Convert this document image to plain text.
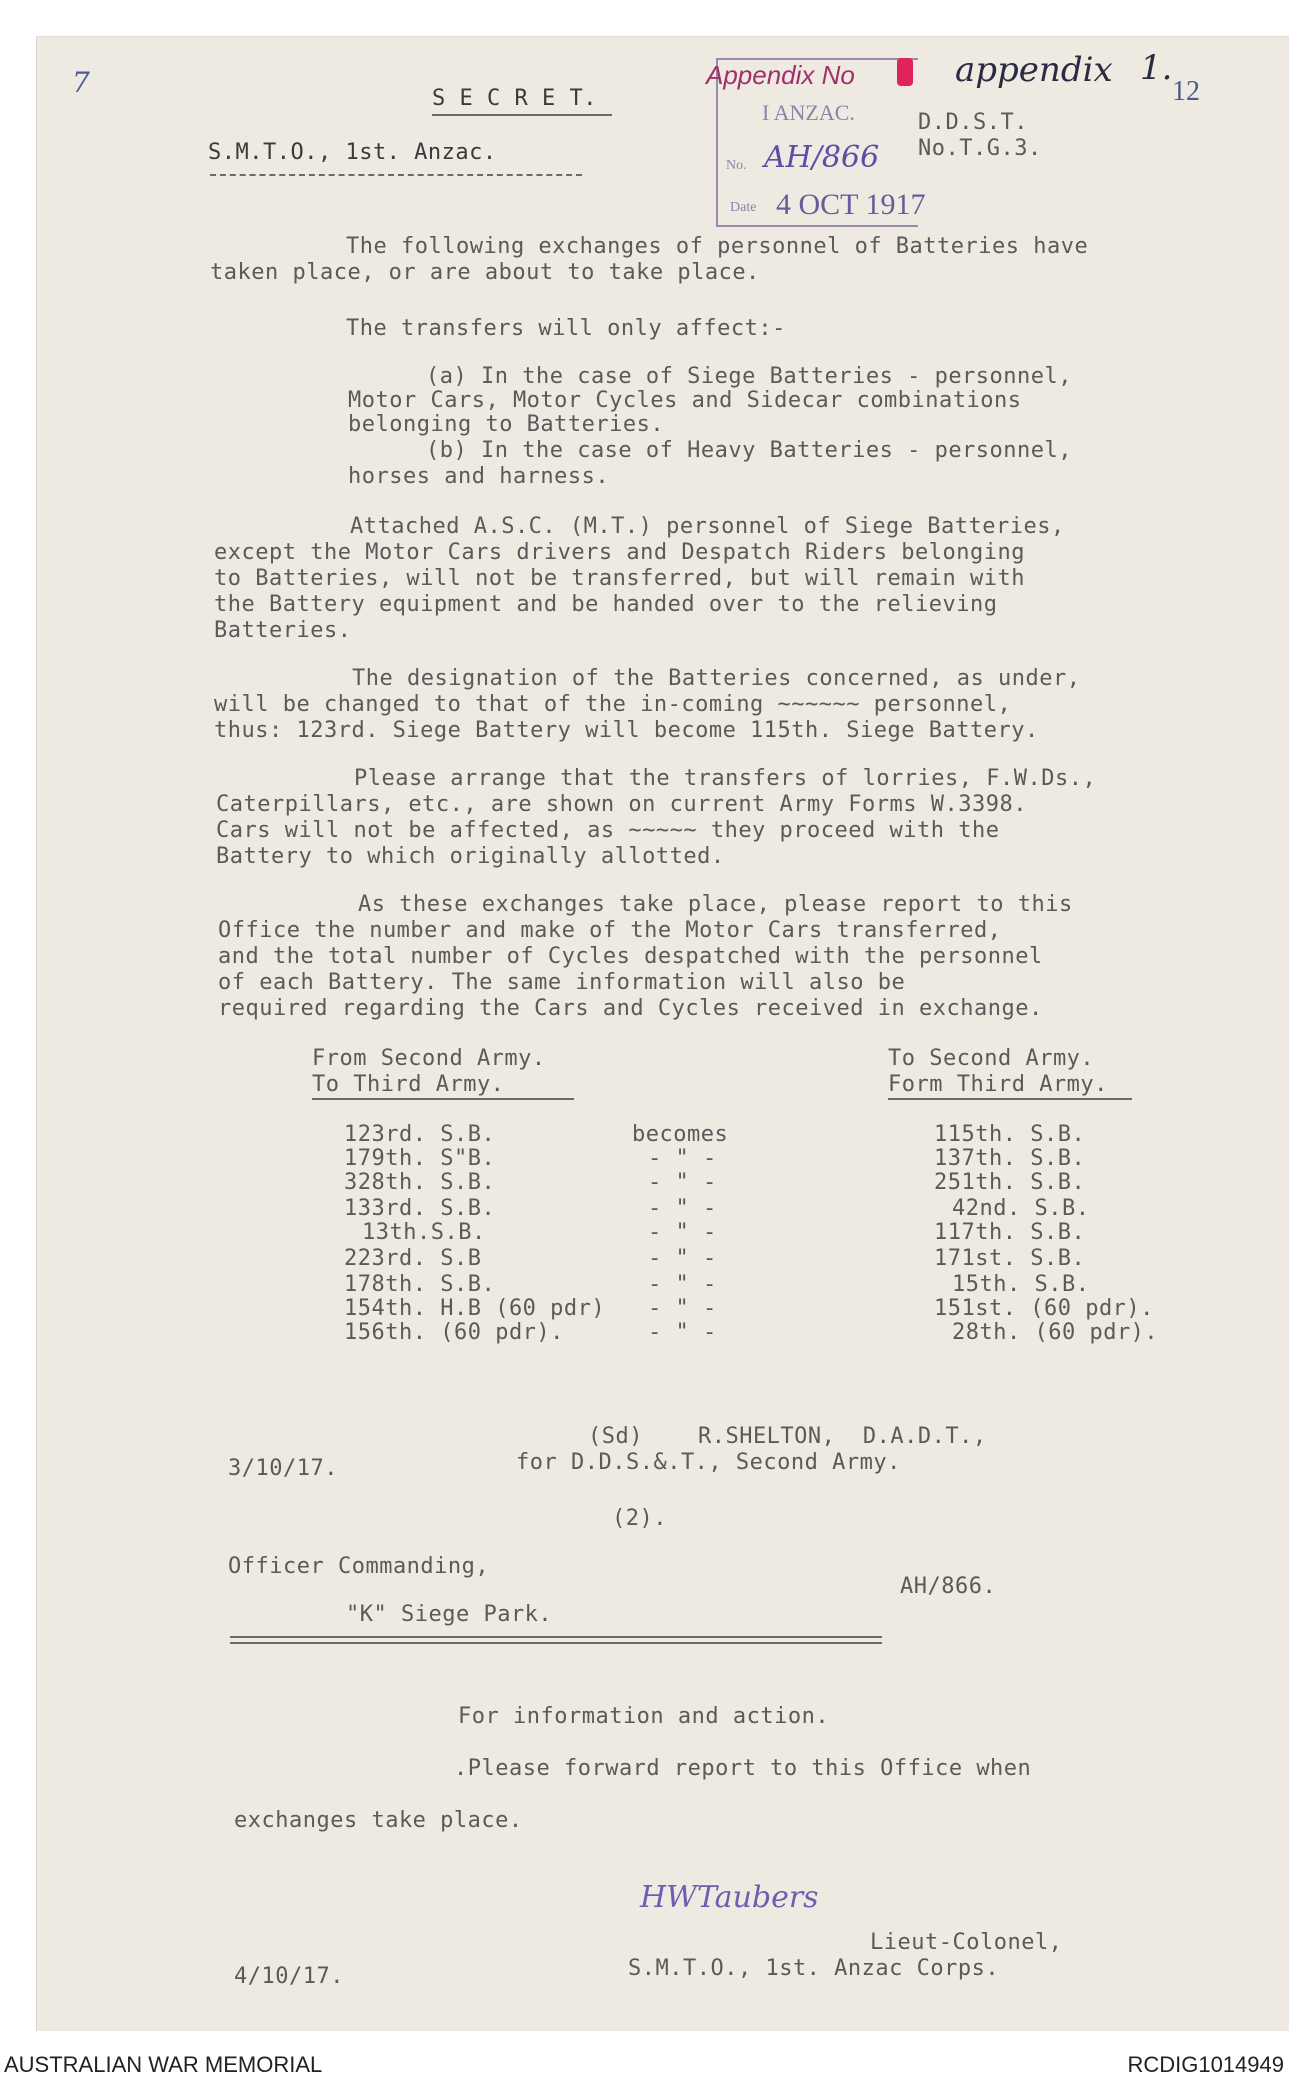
7	appendix 1.
12
S E C R E T.
S.M.T.O., 1st. Anzac.
D.D.S.T.
No.T.G.3.
Appendix No
I ANZAC.
No. AH/866
Date 4 OCT 1917
The following exchanges of personnel of Batteries have
taken place, or are about to take place.
The transfers will only affect:-
(a) In the case of Siege Batteries - personnel,
Motor Cars, Motor Cycles and Sidecar combinations
belonging to Batteries.
(b) In the case of Heavy Batteries - personnel,
horses and harness.
Attached A.S.C. (M.T.) personnel of Siege Batteries,
except the Motor Cars drivers and Despatch Riders belonging
to Batteries, will not be transferred, but will remain with
the Battery equipment and be handed over to the relieving
Batteries.
The designation of the Batteries concerned, as under,
will be changed to that of the in-coming ~~~~~~ personnel,
thus: 123rd. Siege Battery will become 115th. Siege Battery.
Please arrange that the transfers of lorries, F.W.Ds.,
Caterpillars, etc., are shown on current Army Forms W.3398.
Cars will not be affected, as ~~~~~ they proceed with the
Battery to which originally allotted.
As these exchanges take place, please report to this
Office the number and make of the Motor Cars transferred,
and the total number of Cycles despatched with the personnel
of each Battery. The same information will also be
required regarding the Cars and Cycles received in exchange.
From Second Army.
To Third Army.
To Second Army.
Form Third Army.
123rd. S.B.	becomes	115th. S.B.
179th. S"B.	- " -	137th. S.B.
328th. S.B.	- " -	251th. S.B.
133rd. S.B.	- " -	42nd. S.B.
13th.S.B.	- " -	117th. S.B.
223rd. S.B	- " -	171st. S.B.
178th. S.B.	- " -	15th. S.B.
154th. H.B (60 pdr) - " -	151st. (60 pdr).
156th. (60 pdr).	- " -	28th. (60 pdr).
(Sd)    R.SHELTON,  D.A.D.T.,
3/10/17.	for D.D.S.&.T., Second Army.
(2).
Officer Commanding,
AH/866.
"K" Siege Park.
For information and action.
.Please forward report to this Office when
exchanges take place.
HWTaubers
Lieut-Colonel,
S.M.T.O., 1st. Anzac Corps.
4/10/17.
AUSTRALIAN WAR MEMORIAL	RCDIG1014949
